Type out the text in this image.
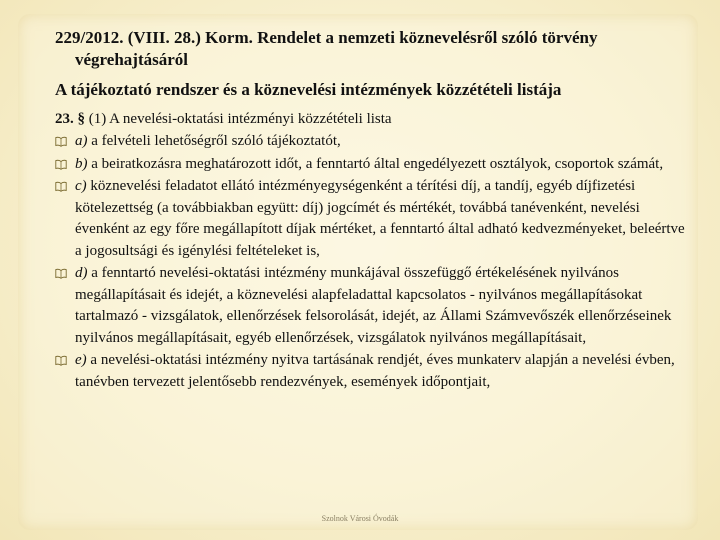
229/2012. (VIII. 28.) Korm. Rendelet a nemzeti köznevelésről szóló törvény végrehajtásáról
A tájékoztató rendszer és a köznevelési intézmények közzétételi listája
23. § (1) A nevelési-oktatási intézményi közzétételi lista
a) a felvételi lehetőségről szóló tájékoztatót,
b) a beiratkozásra meghatározott időt, a fenntartó által engedélyezett osztályok, csoportok számát,
c) köznevelési feladatot ellátó intézményegységenként a térítési díj, a tandíj, egyéb díjfizetési kötelezettség (a továbbiakban együtt: díj) jogcímét és mértékét, továbbá tanévenként, nevelési évenként az egy főre megállapított díjak mértéket, a fenntartó által adható kedvezményeket, beleértve a jogosultsági és igénylési feltételeket is,
d) a fenntartó nevelési-oktatási intézmény munkájával összefüggő értékelésének nyilvános megállapításait és idejét, a köznevelési alapfeladattal kapcsolatos - nyilvános megállapításokat tartalmazó - vizsgálatok, ellenőrzések felsorolását, idejét, az Állami Számvevőszék ellenőrzéseinek nyilvános megállapításait, egyéb ellenőrzések, vizsgálatok nyilvános megállapításait,
e) a nevelési-oktatási intézmény nyitva tartásának rendjét, éves munkaterv alapján a nevelési évben, tanévben tervezett jelentősebb rendezvények, események időpontjait,
Szolnok Városi Óvodák
